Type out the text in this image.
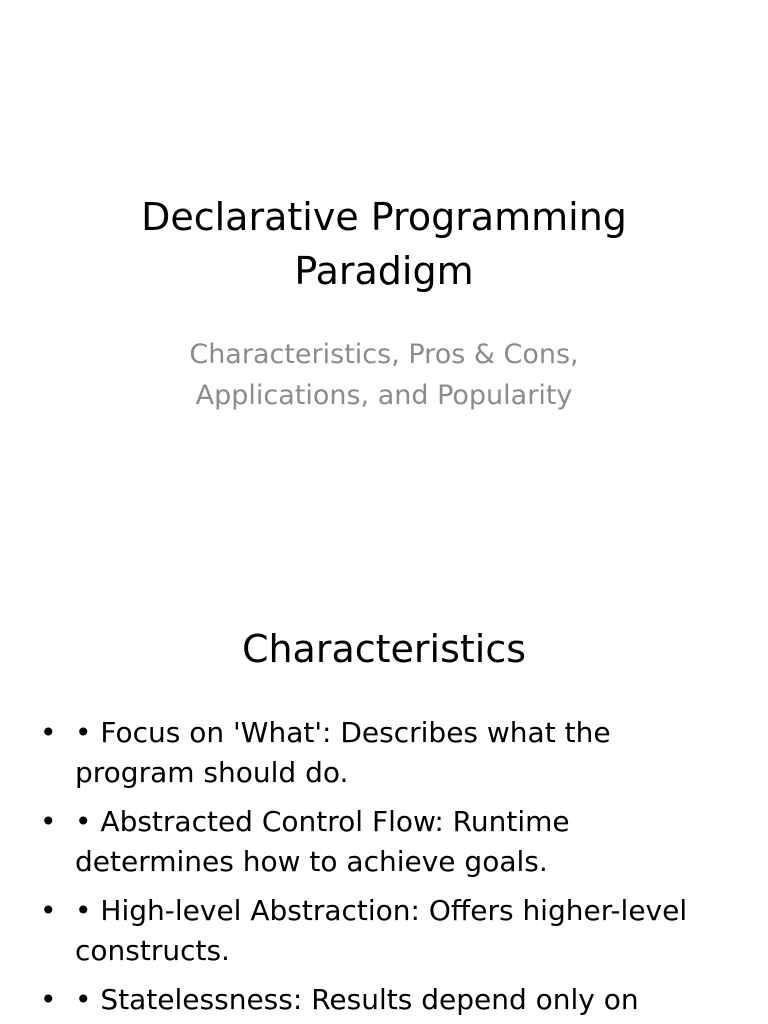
Declarative Programming
Paradigm
Characteristics, Pros & Cons,
Applications, and Popularity
Characteristics
• • Focus on 'What': Describes what the program should do.
• • Abstracted Control Flow: Runtime determines how to achieve goals.
• • High-level Abstraction: Offers higher-level constructs.
• • Statelessness: Results depend only on
